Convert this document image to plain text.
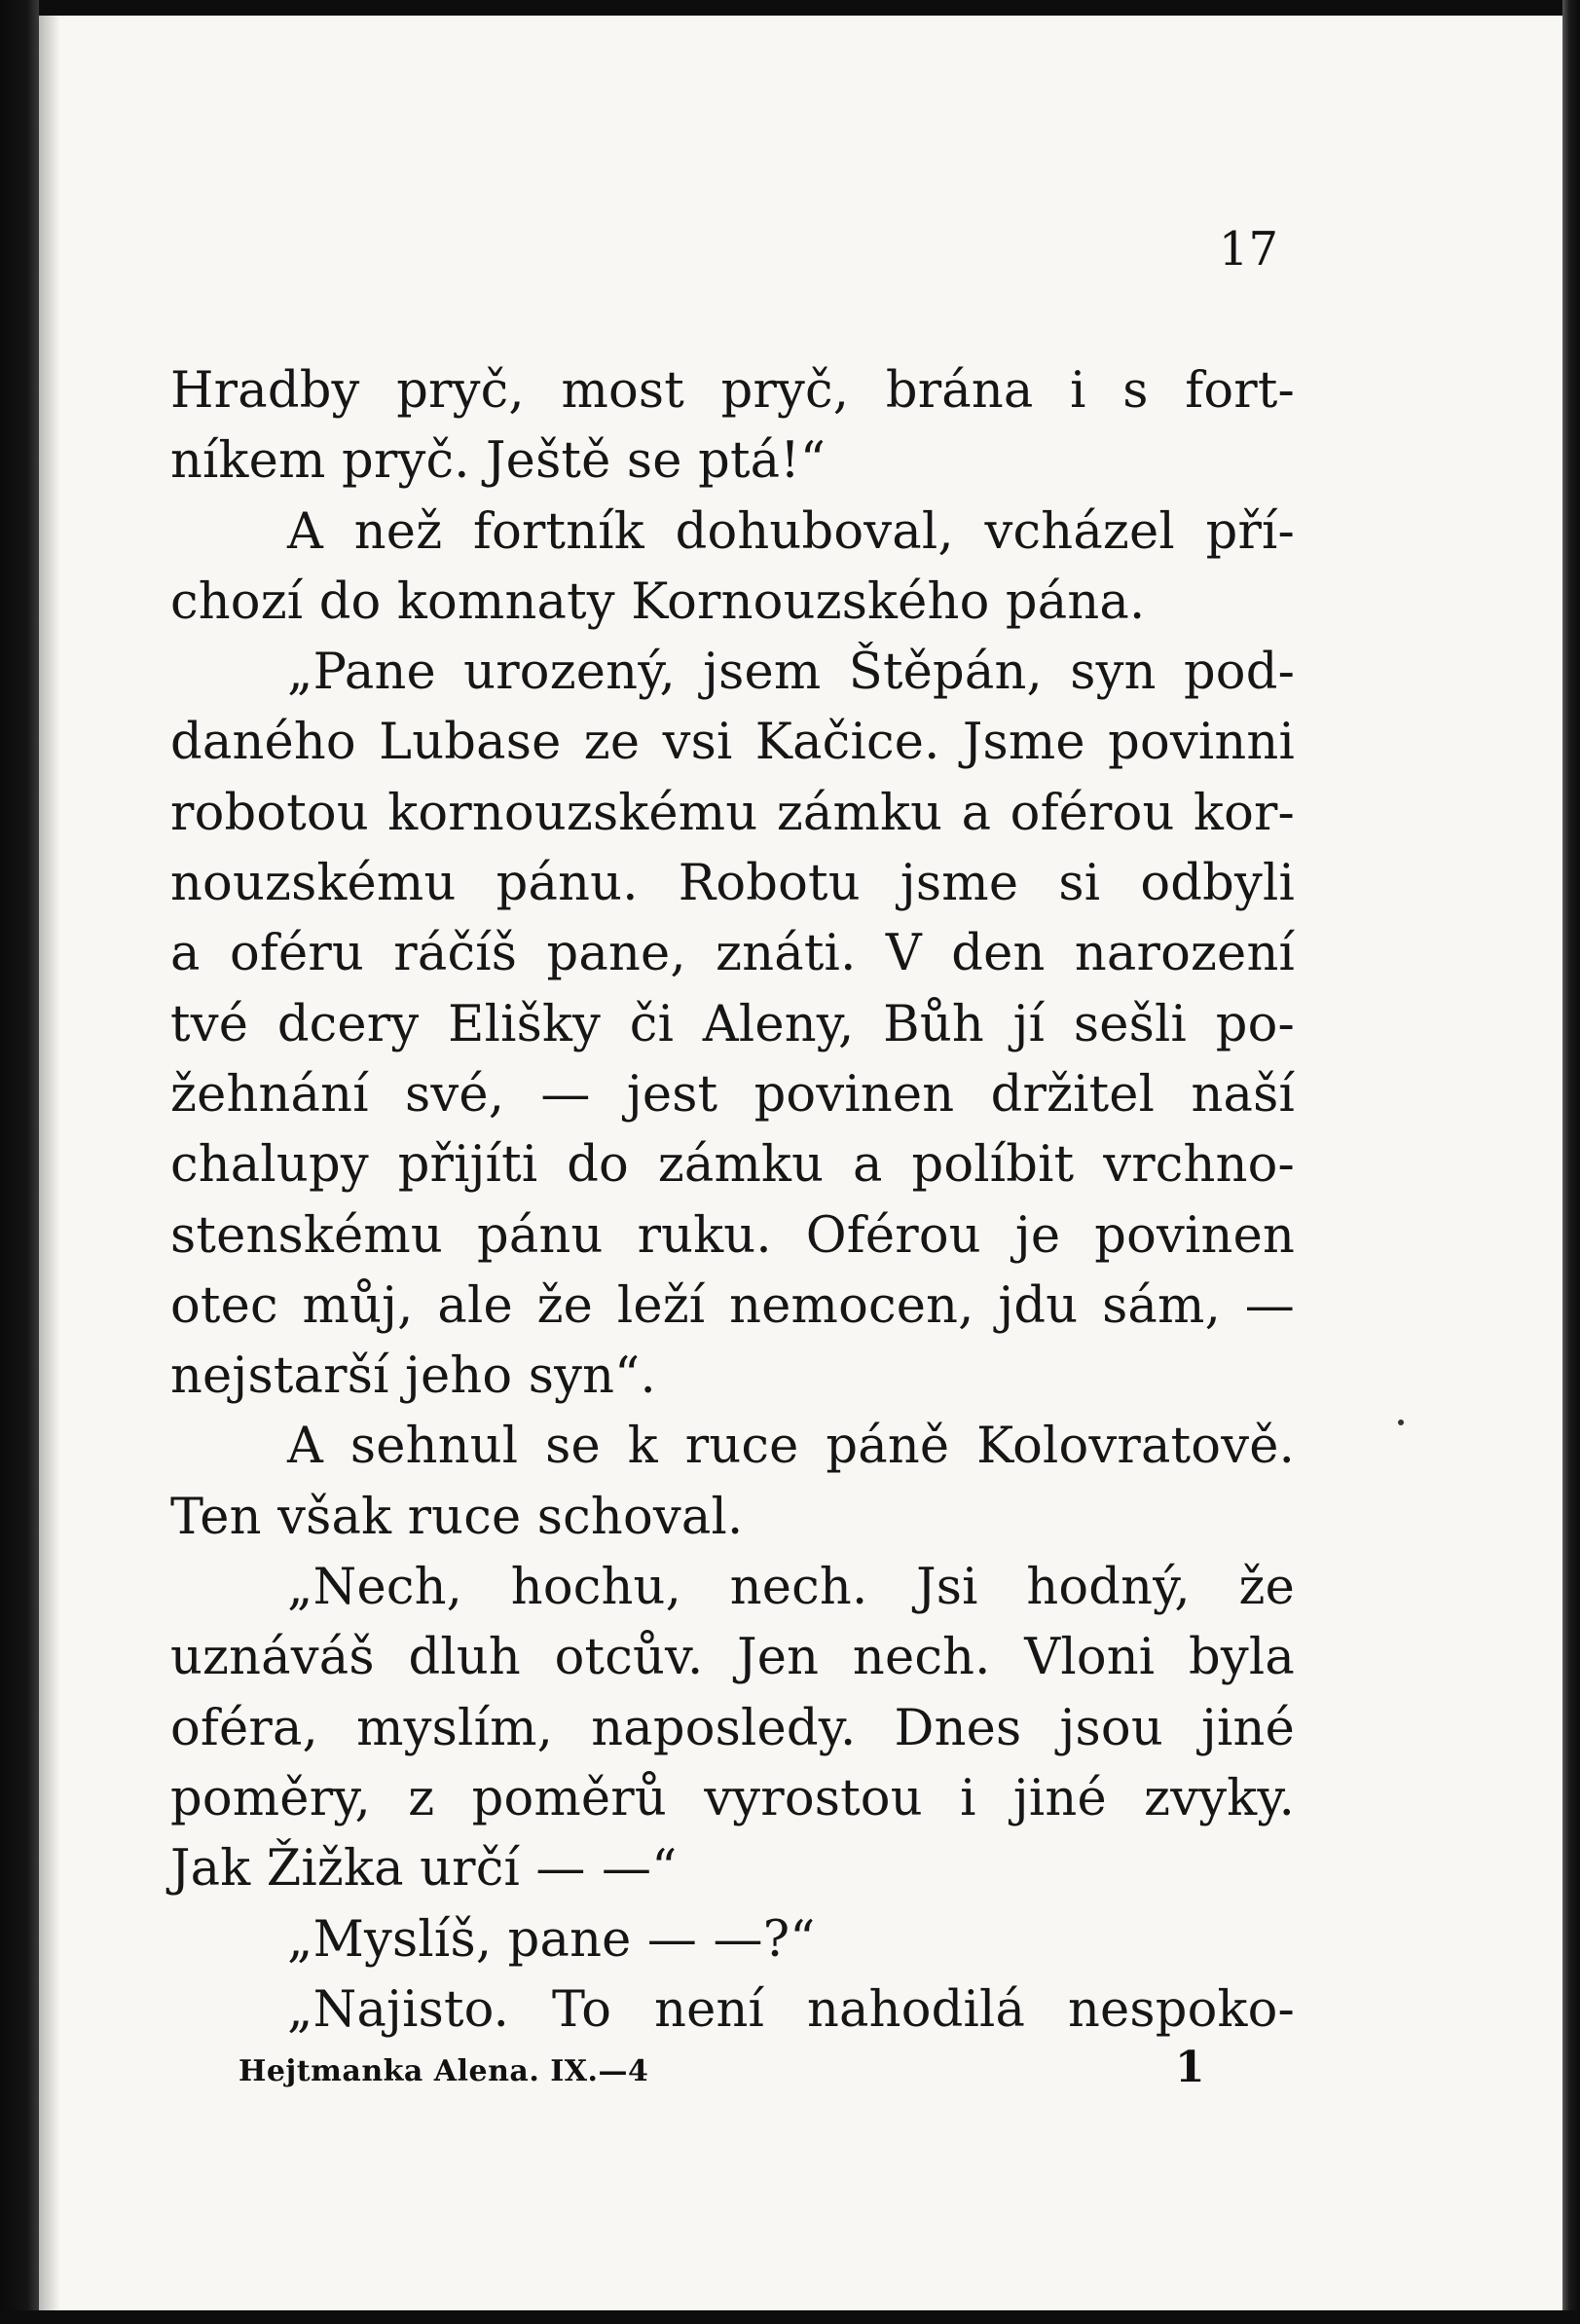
17
Hradby pryč, most pryč, brána i s fort-
níkem pryč. Ještě se ptá!“
A než fortník dohuboval, vcházel pří-
chozí do komnaty Kornouzského pána.
„Pane urozený, jsem Štěpán, syn pod-
daného Lubase ze vsi Kačice. Jsme povinni
robotou kornouzskému zámku a oférou kor-
nouzskému pánu. Robotu jsme si odbyli
a oféru ráčíš pane, znáti. V den narození
tvé dcery Elišky či Aleny, Bůh jí sešli po-
žehnání své, — jest povinen držitel naší
chalupy přijíti do zámku a políbit vrchno-
stenskému pánu ruku. Oférou je povinen
otec můj, ale že leží nemocen, jdu sám, —
nejstarší jeho syn“.
A sehnul se k ruce páně Kolovratově.
Ten však ruce schoval.
„Nech, hochu, nech. Jsi hodný, že
uznáváš dluh otcův. Jen nech. Vloni byla
oféra, myslím, naposledy. Dnes jsou jiné
poměry, z poměrů vyrostou i jiné zvyky.
Jak Žižka určí — —“
„Myslíš, pane — —?“
„Najisto. To není nahodilá nespoko-
Hejtmanka Alena. IX.—4	1
